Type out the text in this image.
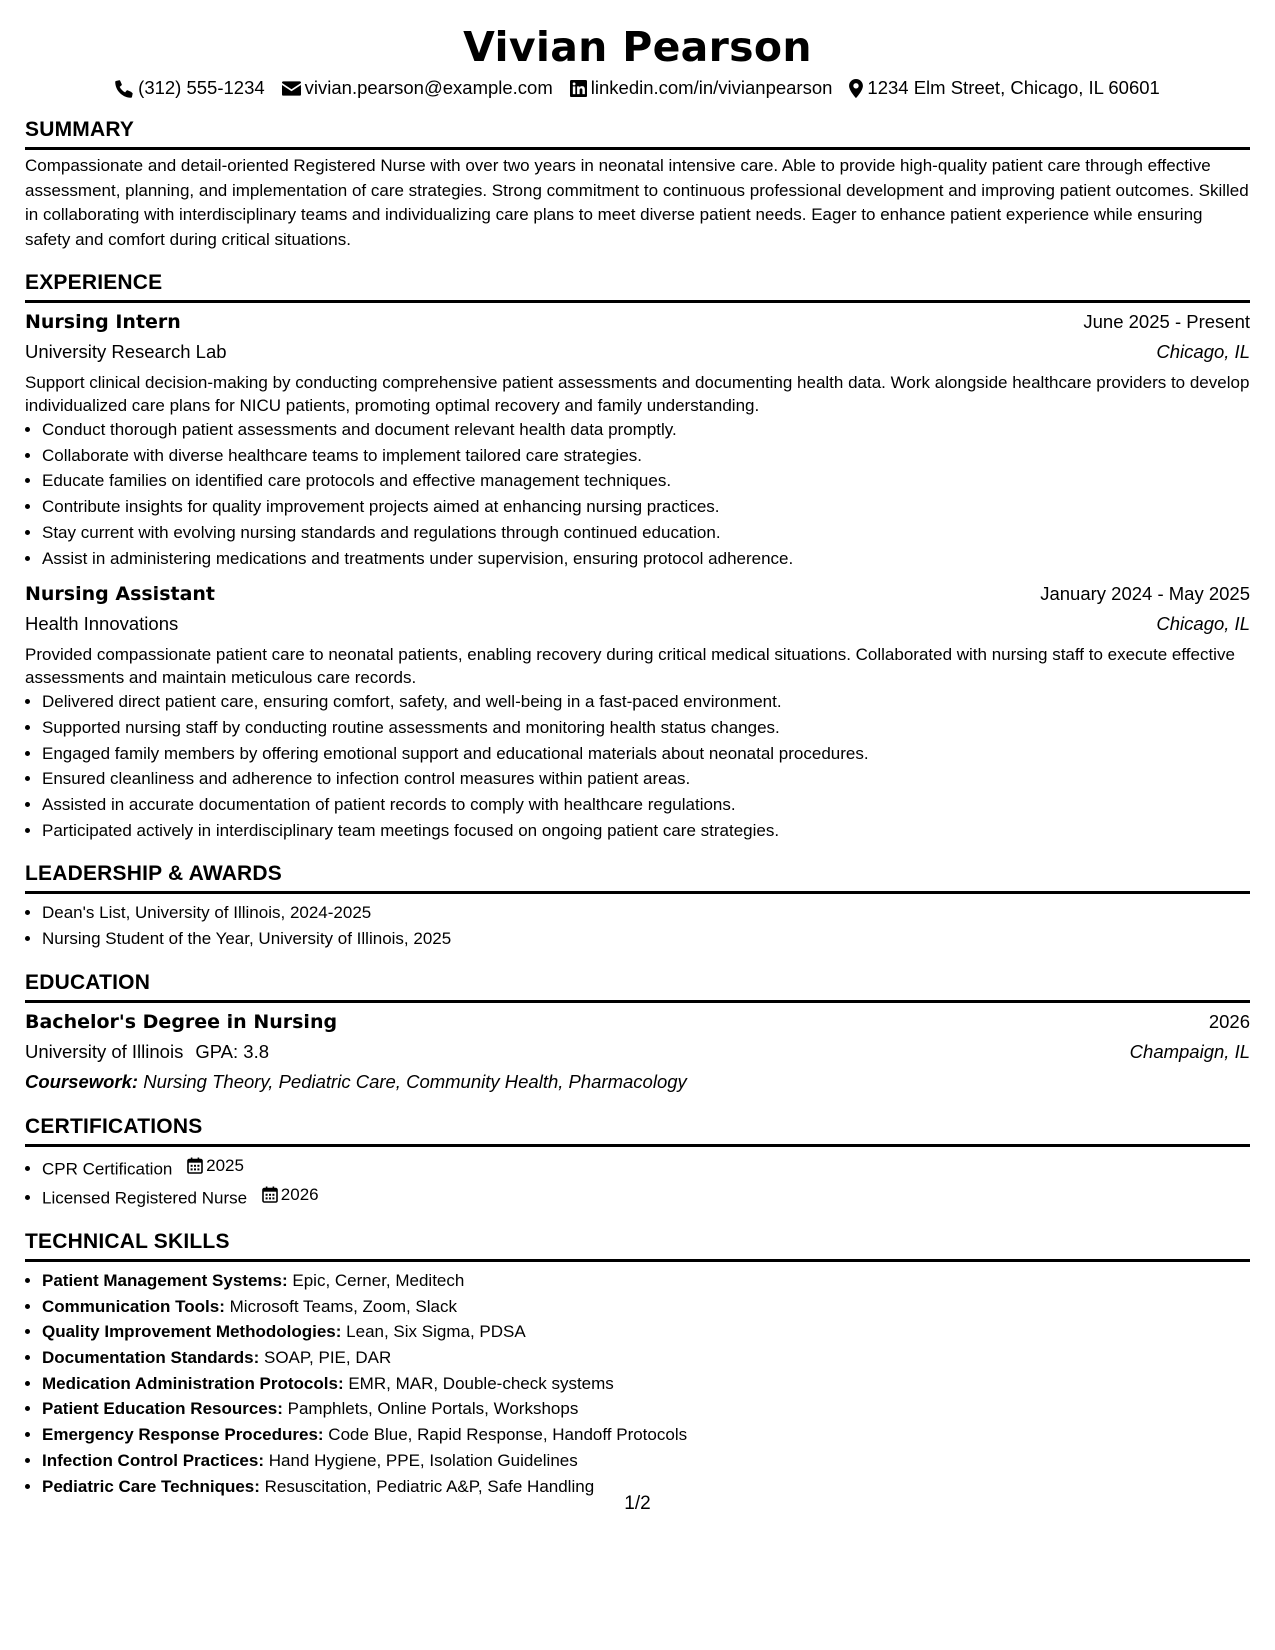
Vivian Pearson
(312) 555-1234 vivian.pearson@example.com linkedin.com/in/vivianpearson 1234 Elm Street, Chicago, IL 60601
SUMMARY

Compassionate and detail-oriented Registered Nurse with over two years in neonatal intensive care. Able to provide high-quality patient care through effective assessment, planning, and implementation of care strategies. Strong commitment to continuous professional development and improving patient outcomes. Skilled in collaborating with interdisciplinary teams and individualizing care plans to meet diverse patient needs. Eager to enhance patient experience while ensuring safety and comfort during critical situations.

EXPERIENCE
Nursing Intern	June 2025 - Present
University Research Lab	Chicago, IL

Support clinical decision-making by conducting comprehensive patient assessments and documenting health data. Work alongside healthcare providers to develop individualized care plans for NICU patients, promoting optimal recovery and family understanding.

• Conduct thorough patient assessments and document relevant health data promptly.
• Collaborate with diverse healthcare teams to implement tailored care strategies.
• Educate families on identified care protocols and effective management techniques.
• Contribute insights for quality improvement projects aimed at enhancing nursing practices.
• Stay current with evolving nursing standards and regulations through continued education.
• Assist in administering medications and treatments under supervision, ensuring protocol adherence.
Nursing Assistant	January 2024 - May 2025
Health Innovations	Chicago, IL

Provided compassionate patient care to neonatal patients, enabling recovery during critical medical situations. Collaborated with nursing staff to execute effective assessments and maintain meticulous care records.

• Delivered direct patient care, ensuring comfort, safety, and well-being in a fast-paced environment.
• Supported nursing staff by conducting routine assessments and monitoring health status changes.
• Engaged family members by offering emotional support and educational materials about neonatal procedures.
• Ensured cleanliness and adherence to infection control measures within patient areas.
• Assisted in accurate documentation of patient records to comply with healthcare regulations.
• Participated actively in interdisciplinary team meetings focused on ongoing patient care strategies.
LEADERSHIP & AWARDS
• Dean's List, University of Illinois, 2024-2025
• Nursing Student of the Year, University of Illinois, 2025
EDUCATION
Bachelor's Degree in Nursing	2026
University of Illinois GPA: 3.8	Champaign, IL
Coursework: Nursing Theory, Pediatric Care, Community Health, Pharmacology
CERTIFICATIONS
• CPR Certification 2025
• Licensed Registered Nurse 2026
TECHNICAL SKILLS
• Patient Management Systems: Epic, Cerner, Meditech
• Communication Tools: Microsoft Teams, Zoom, Slack
• Quality Improvement Methodologies: Lean, Six Sigma, PDSA
• Documentation Standards: SOAP, PIE, DAR
• Medication Administration Protocols: EMR, MAR, Double-check systems
• Patient Education Resources: Pamphlets, Online Portals, Workshops
• Emergency Response Procedures: Code Blue, Rapid Response, Handoff Protocols
• Infection Control Practices: Hand Hygiene, PPE, Isolation Guidelines
• Pediatric Care Techniques: Resuscitation, Pediatric A&P, Safe Handling
1/2
